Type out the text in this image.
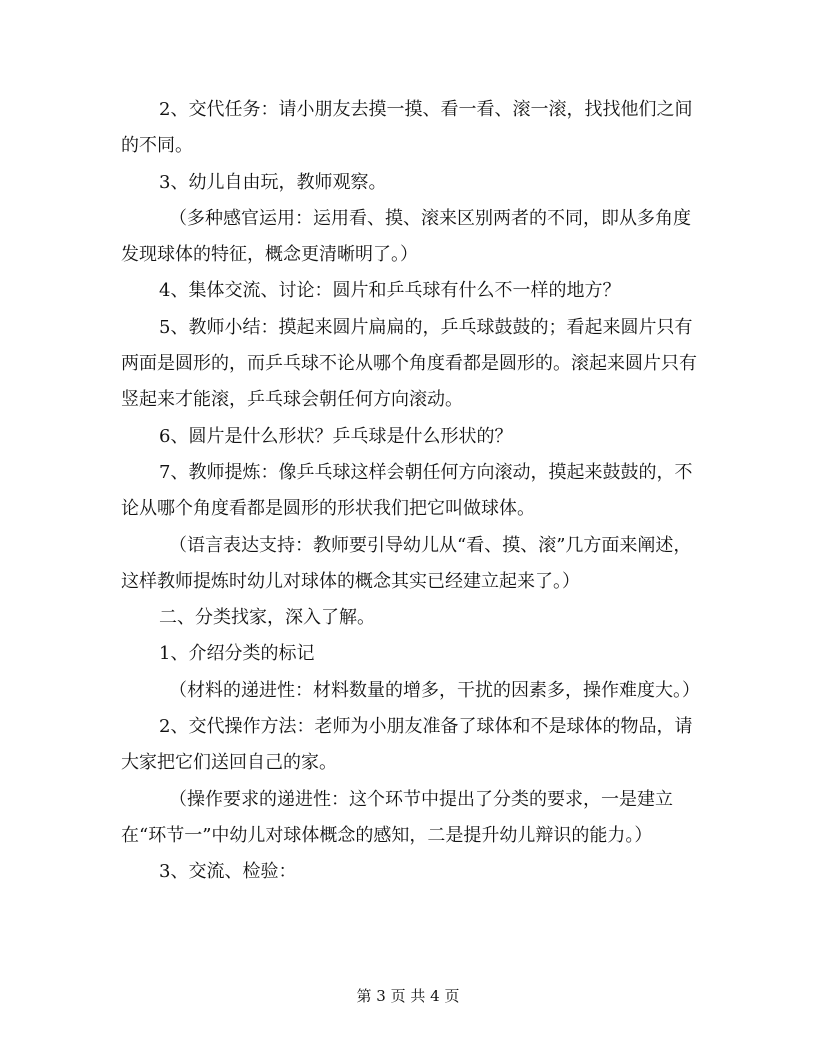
2、交代任务：请小朋友去摸一摸、看一看、滚一滚，找找他们之间的不同。

3、幼儿自由玩，教师观察。

（多种感官运用：运用看、摸、滚来区别两者的不同，即从多角度发现球体的特征，概念更清晰明了。）

4、集体交流、讨论：圆片和乒乓球有什么不一样的地方？

5、教师小结：摸起来圆片扁扁的，乒乓球鼓鼓的；看起来圆片只有两面是圆形的，而乒乓球不论从哪个角度看都是圆形的。滚起来圆片只有竖起来才能滚，乒乓球会朝任何方向滚动。

6、圆片是什么形状？乒乓球是什么形状的？

7、教师提炼：像乒乓球这样会朝任何方向滚动，摸起来鼓鼓的，不论从哪个角度看都是圆形的形状我们把它叫做球体。

（语言表达支持：教师要引导幼儿从“看、摸、滚”几方面来阐述，这样教师提炼时幼儿对球体的概念其实已经建立起来了。）

二、分类找家，深入了解。

1、介绍分类的标记

（材料的递进性：材料数量的增多，干扰的因素多，操作难度大。）

2、交代操作方法：老师为小朋友准备了球体和不是球体的物品，请大家把它们送回自己的家。

（操作要求的递进性：这个环节中提出了分类的要求，一是建立在“环节一”中幼儿对球体概念的感知，二是提升幼儿辩识的能力。）

3、交流、检验：

第 3 页 共 4 页
